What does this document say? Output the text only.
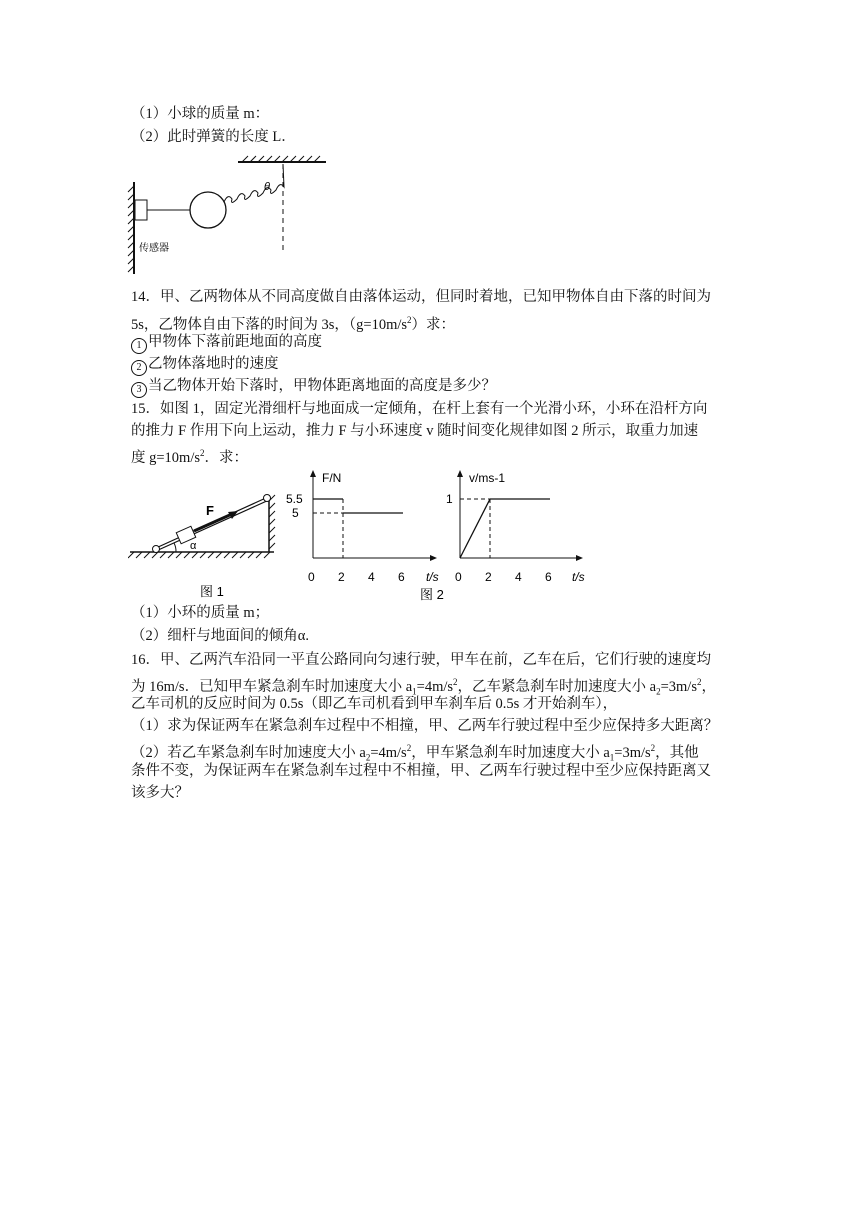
（1）小球的质量 m：
（2）此时弹簧的长度 L．
θ
传感器
14．甲、乙两物体从不同高度做自由落体运动，但同时着地，已知甲物体自由下落的时间为
5s，乙物体自由下落的时间为 3s，$(g=10m/s^2)$求：
1 甲物体下落前距地面的高度
2 乙物体落地时的速度
3 当乙物体开始下落时，甲物体距离地面的高度是多少？
15．如图 1，固定光滑细杆与地面成一定倾角，在杆上套有一个光滑小环，小环在沿杆方向
的推力 F 作用下向上运动，推力 F 与小环速度 v 随时间变化规律如图 2 所示，取重力加速
度 $g=10m/s^2$．求：
F
α
图 1
F/N
t/s
5.5
5
0 2 4 6
v/ms-1
t/s
1
0 2 4 6
图 2
（1）小环的质量 m；
（2）细杆与地面间的倾角α.
16．甲、乙两汽车沿同一平直公路同向匀速行驶，甲车在前，乙车在后，它们行驶的速度均
为 16m/s．已知甲车紧急刹车时加速度大小 $a_1=4m/s^2$，乙车紧急刹车时加速度大小 $a_2=3m/s^2$，
乙车司机的反应时间为 0.5s（即乙车司机看到甲车刹车后 0.5s 才开始刹车），
（1）求为保证两车在紧急刹车过程中不相撞，甲、乙两车行驶过程中至少应保持多大距离？
（2）若乙车紧急刹车时加速度大小 $a_2=4m/s^2$，甲车紧急刹车时加速度大小 $a_1=3m/s^2$，其他
条件不变，为保证两车在紧急刹车过程中不相撞，甲、乙两车行驶过程中至少应保持距离又
该多大？
